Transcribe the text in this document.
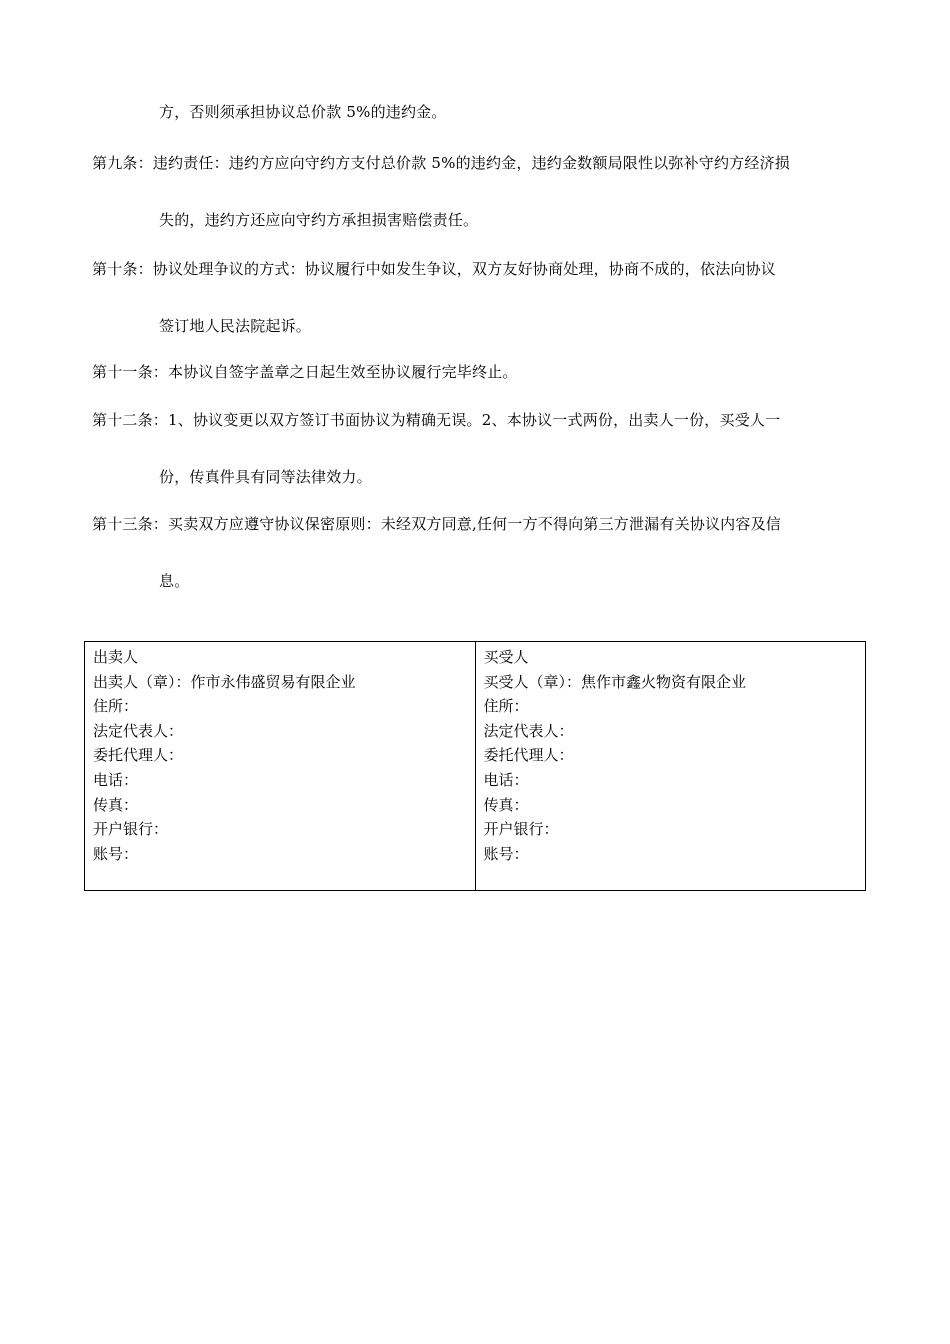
方，否则须承担协议总价款 5%的违约金。
第九条：违约责任：违约方应向守约方支付总价款 5%的违约金，违约金数额局限性以弥补守约方经济损
失的，违约方还应向守约方承担损害赔偿责任。
第十条：协议处理争议的方式：协议履行中如发生争议，双方友好协商处理，协商不成的，依法向协议
签订地人民法院起诉。
第十一条：本协议自签字盖章之日起生效至协议履行完毕终止。
第十二条：1、协议变更以双方签订书面协议为精确无误。2、本协议一式两份，出卖人一份，买受人一
份，传真件具有同等法律效力。
第十三条：买卖双方应遵守协议保密原则：未经双方同意,任何一方不得向第三方泄漏有关协议内容及信
息。
出卖人
出卖人（章）：作市永伟盛贸易有限企业
住所：
法定代表人：
委托代理人：
电话：
传真：
开户银行：
账号：
买受人
买受人（章）：焦作市鑫火物资有限企业
住所：
法定代表人：
委托代理人：
电话：
传真：
开户银行：
账号：
